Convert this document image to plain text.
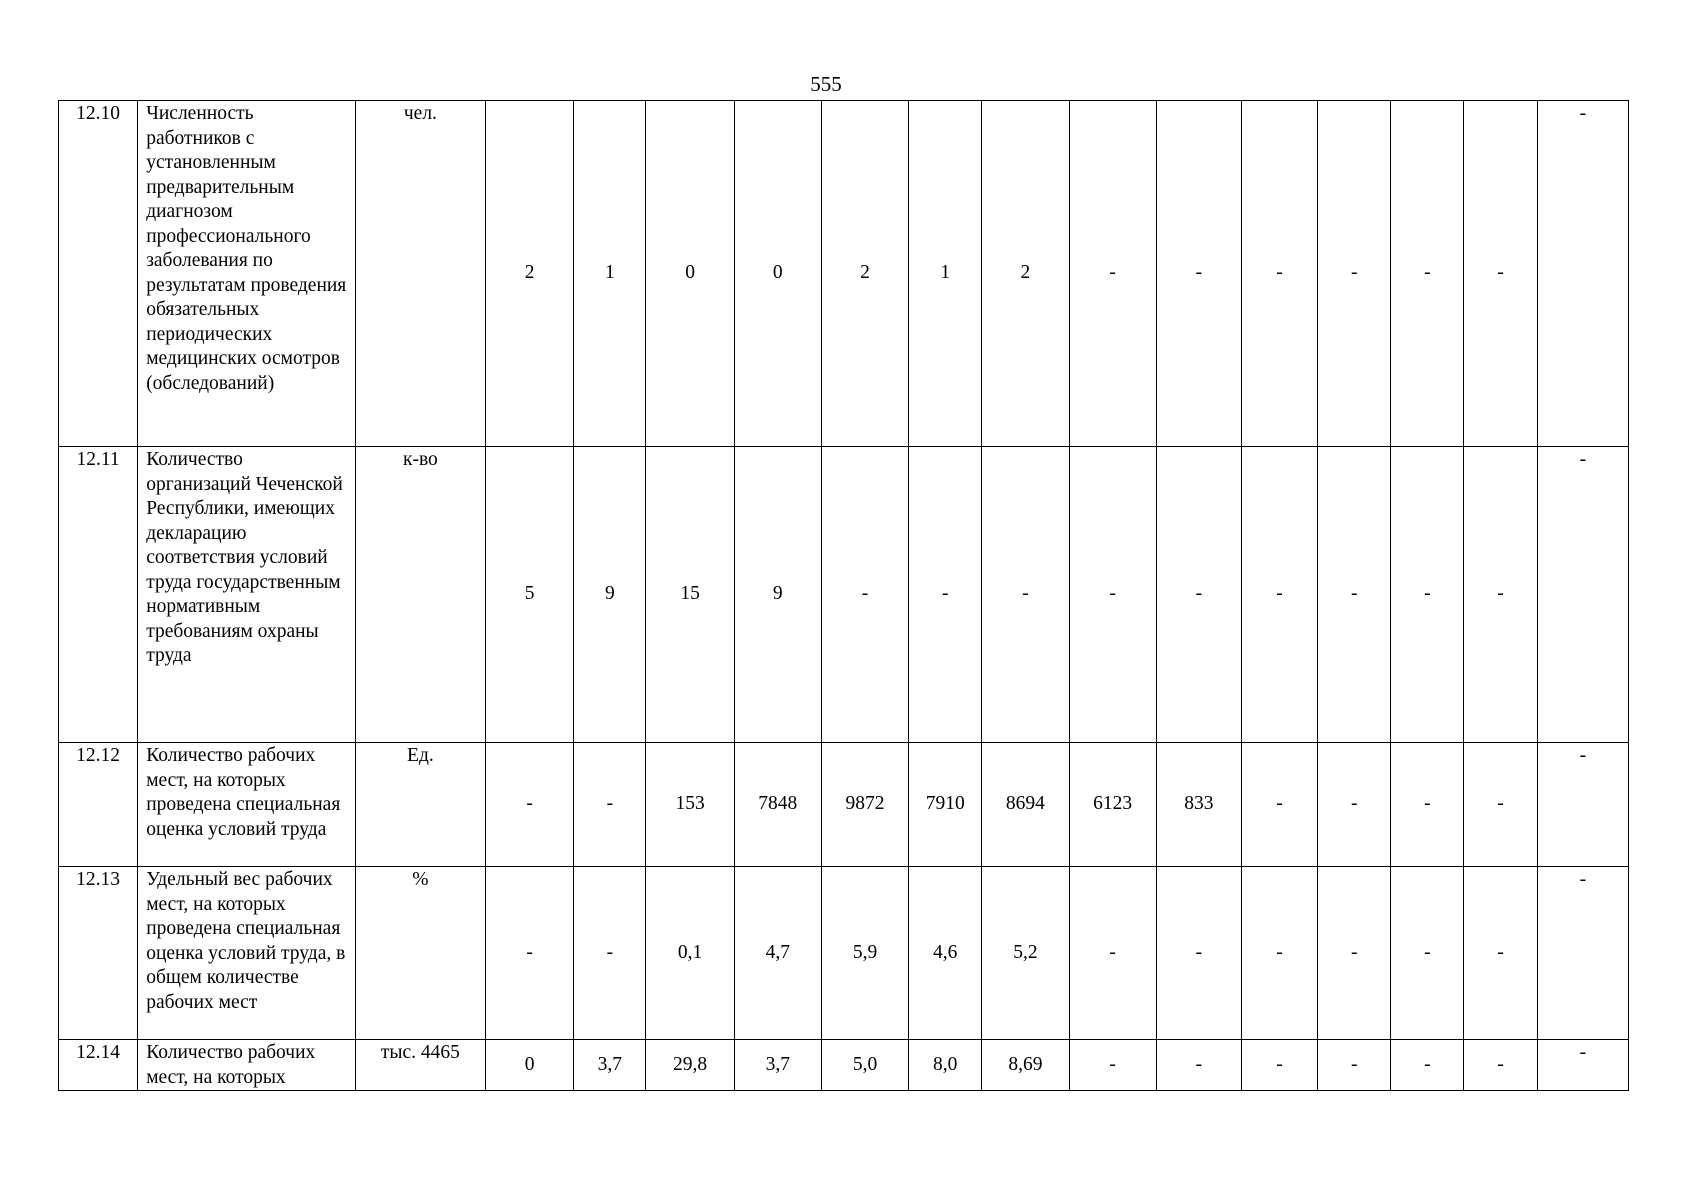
555
12.10	Численность работников с установленным предварительным диагнозом профессионального заболевания по результатам проведения обязательных периодических медицинских осмотров (обследований)	чел.	2	1	0	0	2	1	2	-	-	-	-	-	-	-
12.11	Количество организаций Чеченской Республики, имеющих декларацию соответствия условий труда государственным нормативным требованиям охраны труда	к-во	5	9	15	9	-	-	-	-	-	-	-	-	-	-
12.12	Количество рабочих мест, на которых проведена специальная оценка условий труда	Ед.	-	-	153	7848	9872	7910	8694	6123	833	-	-	-	-	-
12.13	Удельный вес рабочих мест, на которых проведена специальная оценка условий труда, в общем количестве рабочих мест	%	-	-	0,1	4,7	5,9	4,6	5,2	-	-	-	-	-	-	-
12.14	Количество рабочих мест, на которых	тыс. 4465	0	3,7	29,8	3,7	5,0	8,0	8,69	-	-	-	-	-	-	-
